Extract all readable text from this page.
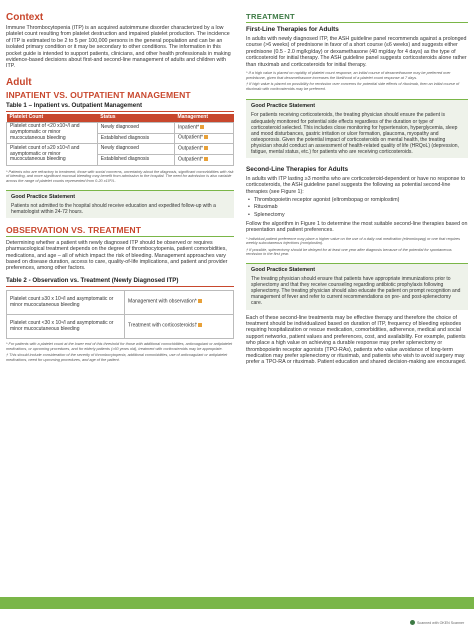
Context

Immune Thrombocytopenia (ITP) is an acquired autoimmune disorder characterized by a low platelet count resulting from platelet destruction and impaired platelet production. The incidence of ITP is estimated to be 2 to 5 per 100,000 persons in the general population and can be an isolated primary condition or it may be secondary to other conditions. The information in this pocket guide is intended to support patients, clinicians, and other health professionals in making evidence-based decisions about first-and second-line management of adults and children with ITP.

Adult
INPATIENT VS. OUTPATIENT MANAGEMENT
Table 1 – Inpatient vs. Outpatient Management
Platelet Count	Status	Management
Platelet count of <20 x10⁹/l and asymptomatic or minor mucocutaneous bleeding	Newly diagnosed	Inpatient*
	Established diagnosis	Outpatient*
Platelet count of ≥20 x10⁹/l and asymptomatic or minor mucocutaneous bleeding	Newly diagnosed	Outpatient*
	Established diagnosis	Outpatient*
* Patients who are refractory to treatment, those with social concerns, uncertainty about the diagnosis, significant comorbidities with risk of bleeding, and more significant mucosal bleeding may benefit from admission to the hospital. The need for admission is also variable across the range of platelet counts represented from 0-20 x10⁹/L.
Good Practice Statement

Patients not admitted to the hospital should receive education and expedited follow-up with a hematologist within 24-72 hours.

OBSERVATION VS. TREATMENT

Determining whether a patient with newly diagnosed ITP should be observed or requires pharmacological treatment depends on the degree of thrombocytopenia, patient comorbidities, medications, and age – all of which impact the risk of bleeding. Management approaches vary based on disease duration, access to care, quality-of-life implications, and patient and provider preferences, among other factors.

Table 2 - Observation vs. Treatment (Newly Diagnosed ITP)
Platelet count ≥30 x 10⁹/l and asymptomatic or minor mucocutaneous bleeding	Management with observation*
Platelet count <30 x 10⁹/l and asymptomatic or minor mucocutaneous bleeding	Treatment with corticosteroids†
* For patients with a platelet count at the lower end of this threshold for those with additional comorbidities, anticoagulant or antiplatelet medications, or upcoming procedures, and for elderly patients (>60 years old), treatment with corticosteroids may be appropriate.
† This should include consideration of the severity of thrombocytopenia, additional comorbidities, use of anticoagulant or antiplatelet medications, need for upcoming procedures, and age of the patient.
TREATMENT
First-Line Therapies for Adults

In adults with newly diagnosed ITP, the ASH guideline panel recommends against a prolonged course (>6 weeks) of prednisone in favor of a short course (≤6 weeks) and suggests either prednisone (0.5 - 2.0 mg/kg/day) or dexamethasone (40 mg/day for 4 days) as the type of corticosteroid for initial therapy. The ASH guideline panel suggests corticosteroids alone rather than rituximab and corticosteroids for initial therapy.

* If a high value is placed on rapidity of platelet count response, an initial course of dexamethasone may be preferred over prednisone, given that dexamethasone increases the likelihood of a platelet count response at 7 days.
† If high value is placed on possibility for remission over concerns for potential side effects of rituximab, then an initial course of rituximab with corticosteroids may be preferred.
Good Practice Statement

For patients receiving corticosteroids, the treating physician should ensure the patient is adequately monitored for potential side effects regardless of the duration or type of corticosteroid selected. This includes close monitoring for hypertension, hyperglycemia, sleep and mood disturbances, gastric irritation or ulcer formation, glaucoma, myopathy and osteoporosis. Given the potential impact of corticosteroids on mental health, the treating physician should conduct an assessment of health-related quality of life (HRQoL) (depression, fatigue, mental status, etc.) for patients who are receiving corticosteroids.

Second-Line Therapies for Adults

In adults with ITP lasting ≥3 months who are corticosteroid-dependent or have no response to corticosteroids, the ASH guideline panel suggests the following as potential second-line therapies (see Figure 1):

• Thrombopoietin receptor agonist (eltrombopag or romiplostim)
• Rituximab
• Splenectomy

Follow the algorithm in Figure 1 to determine the most suitable second-line therapies based on presentation and patient preferences.

* Individual patient preference may place a higher value on the use of a daily oral medication (eltrombopag) or one that requires weekly subcutaneous injections (romiplostim).
† If possible, splenectomy should be delayed for at least one year after diagnosis because of the potential for spontaneous remission in the first year.
Good Practice Statement

The treating physician should ensure that patients have appropriate immunizations prior to splenectomy and that they receive counseling regarding antibiotic prophylaxis following splenectomy. The treating physician should also educate the patient on prompt recognition and management of fever and refer to current recommendations on pre- and post-splenectomy care.

Each of these second-line treatments may be effective therapy and therefore the choice of treatment should be individualized based on duration of ITP, frequency of bleeding episodes requiring hospitalization or rescue medication, comorbidities, adherence, medical and social support networks, patient values and preferences, cost, and availability. For example, patients who place a high value on achieving a durable response may prefer splenectomy or thrombopoietin receptor agonists (TPO-RAs), patients who value avoidance of long-term medication may prefer splenectomy or rituximab, and patients who wish to avoid surgery may prefer a TPO-RA or rituximab. Patient education and shared decision-making are encouraged.

Scanned with OKEN Scanner
